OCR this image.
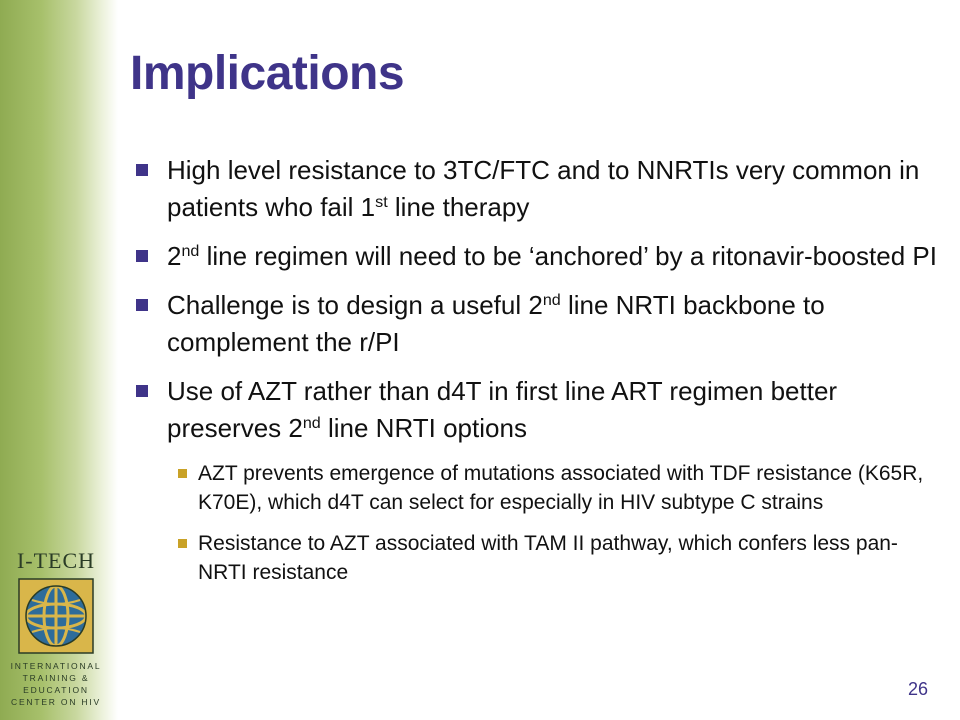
Implications
High level resistance to 3TC/FTC and to NNRTIs very common in patients who fail 1st line therapy
2nd line regimen will need to be ‘anchored’ by a ritonavir-boosted PI
Challenge is to design a useful 2nd line NRTI backbone to complement the r/PI
Use of AZT rather than d4T in first line ART regimen better preserves 2nd line NRTI options
AZT prevents emergence of mutations associated with TDF resistance (K65R, K70E), which d4T can select for especially in HIV subtype C strains
Resistance to AZT associated with TAM II pathway, which confers less pan-NRTI resistance
I-TECH
INTERNATIONAL
TRAINING &
EDUCATION
CENTER ON HIV
26
